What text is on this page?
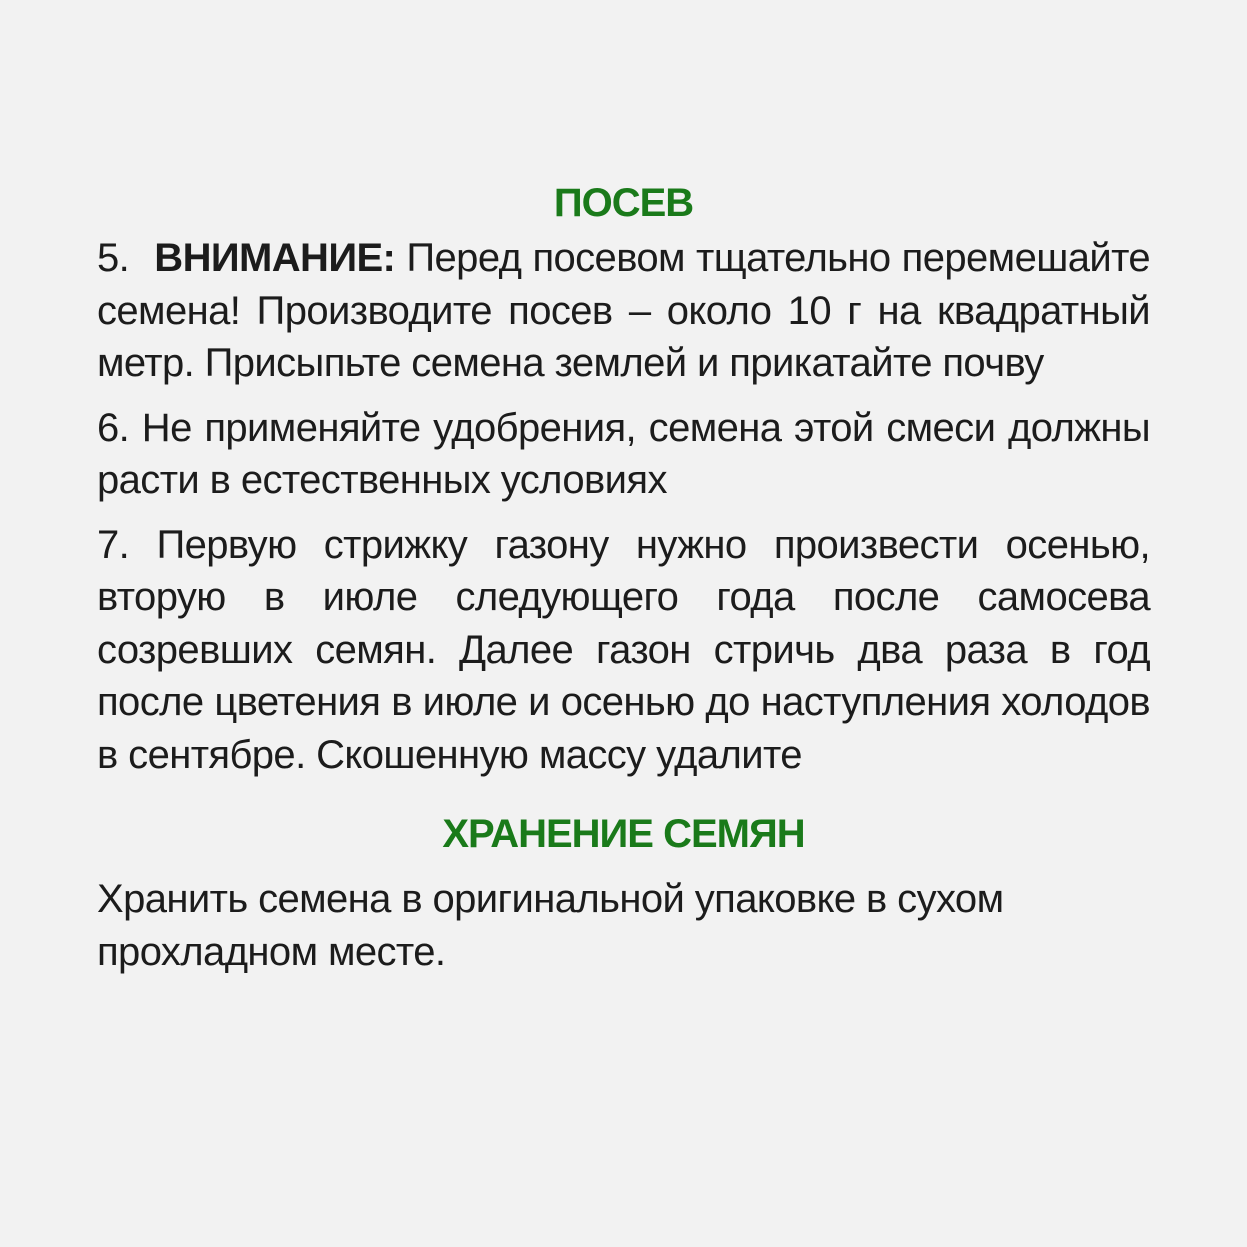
ПОСЕВ

5. ВНИМАНИЕ: Перед посевом тщательно перемешайте семена! Производите посев – около 10 г на квадратный метр. Присыпьте семена землей и прикатайте почву

6. Не применяйте удобрения, семена этой смеси должны расти в естественных условиях

7. Первую стрижку газону нужно произвести осенью, вторую в июле следующего года после самосева созревших семян. Далее газон стричь два раза в год после цветения в июле и осенью до наступления холодов в сентябре. Скошенную массу удалите

ХРАНЕНИЕ СЕМЯН

Хранить семена в оригинальной упаковке в сухом прохладном месте.
